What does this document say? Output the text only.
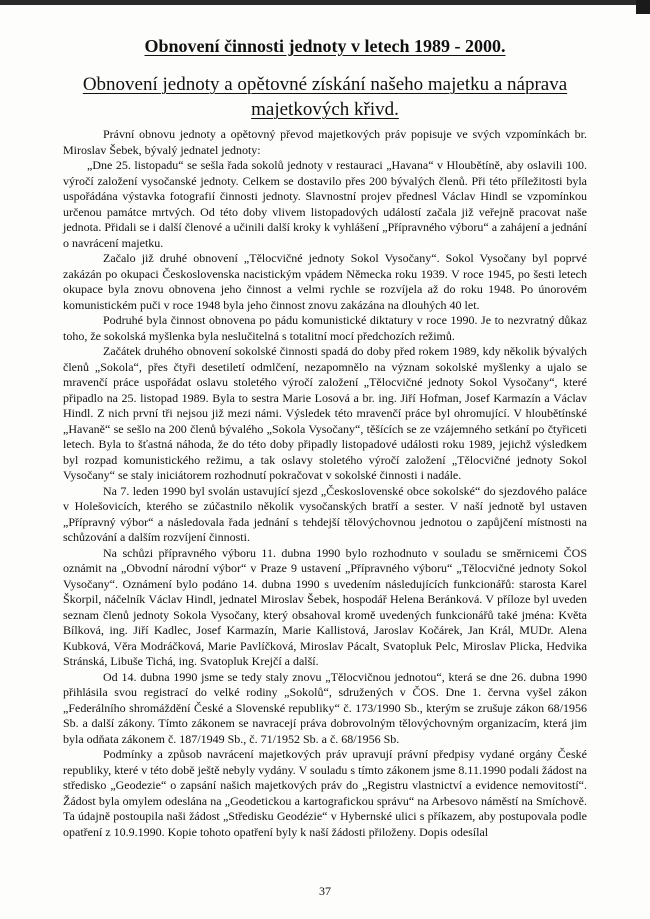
Obnovení činnosti jednoty v letech 1989 - 2000.
Obnovení jednoty a opětovné získání našeho majetku a náprava majetkových křivd.

Právní obnovu jednoty a opětovný převod majetkových práv popisuje ve svých vzpomínkách br. Miroslav Šebek, bývalý jednatel jednoty:

„Dne 25. listopadu“ se sešla řada sokolů jednoty v restauraci „Havana“ v Hloubětíně, aby oslavili 100. výročí založení vysočanské jednoty. Celkem se dostavilo přes 200 bývalých členů. Při této příležitosti byla uspořádána výstavka fotografií činnosti jednoty. Slavnostní projev přednesl Václav Hindl se vzpomínkou určenou památce mrtvých. Od této doby vlivem listopadových událostí začala již veřejně pracovat naše jednota. Přidali se i další členové a učinili další kroky k vyhlášení „Přípravného výboru“ a zahájení a jednání o navrácení majetku.

Začalo již druhé obnovení „Tělocvičné jednoty Sokol Vysočany“. Sokol Vysočany byl poprvé zakázán po okupaci Československa nacistickým vpádem Německa roku 1939. V roce 1945, po šesti letech okupace byla znovu obnovena jeho činnost a velmi rychle se rozvíjela až do roku 1948. Po únorovém komunistickém puči v roce 1948 byla jeho činnost znovu zakázána na dlouhých 40 let.

Podruhé byla činnost obnovena po pádu komunistické diktatury v roce 1990. Je to nezvratný důkaz toho, že sokolská myšlenka byla neslučitelná s totalitní mocí předchozích režimů.

Začátek druhého obnovení sokolské činnosti spadá do doby před rokem 1989, kdy několik bývalých členů „Sokola“, přes čtyři desetiletí odmlčení, nezapomnělo na význam sokolské myšlenky a ujalo se mravenčí práce uspořádat oslavu stoletého výročí založení „Tělocvičné jednoty Sokol Vysočany“, které připadlo na 25. listopad 1989. Byla to sestra Marie Losová a br. ing. Jiří Hofman, Josef Karmazín a Václav Hindl. Z nich první tři nejsou již mezi námi. Výsledek této mravenčí práce byl ohromující. V hloubětínské „Havaně“ se sešlo na 200 členů bývalého „Sokola Vysočany“, těšících se ze vzájemného setkání po čtyřiceti letech. Byla to šťastná náhoda, že do této doby připadly listopadové události roku 1989, jejichž výsledkem byl rozpad komunistického režimu, a tak oslavy stoletého výročí založení „Tělocvičné jednoty Sokol Vysočany“ se staly iniciátorem rozhodnutí pokračovat v sokolské činnosti i nadále.

Na 7. leden 1990 byl svolán ustavující sjezd „Československé obce sokolské“ do sjezdového paláce v Holešovicích, kterého se zúčastnilo několik vysočanských bratří a sester. V naší jednotě byl ustaven „Přípravný výbor“ a následovala řada jednání s tehdejší tělovýchovnou jednotou o zapůjčení místnosti na schůzování a dalším rozvíjení činnosti.

Na schůzi přípravného výboru 11. dubna 1990 bylo rozhodnuto v souladu se směrnicemi ČOS oznámit na „Obvodní národní výbor“ v Praze 9 ustavení „Přípravného výboru“ „Tělocvičné jednoty Sokol Vysočany“. Oznámení bylo podáno 14. dubna 1990 s uvedením následujících funkcionářů: starosta Karel Škorpil, náčelník Václav Hindl, jednatel Miroslav Šebek, hospodář Helena Beránková. V příloze byl uveden seznam členů jednoty Sokola Vysočany, který obsahoval kromě uvedených funkcionářů také jména: Květa Bílková, ing. Jiří Kadlec, Josef Karmazín, Marie Kallistová, Jaroslav Kočárek, Jan Král, MUDr. Alena Kubková, Věra Modráčková, Marie Pavlíčková, Miroslav Pácalt, Svatopluk Pelc, Miroslav Plicka, Hedvika Stránská, Libuše Tichá, ing. Svatopluk Krejčí a další.

Od 14. dubna 1990 jsme se tedy staly znovu „Tělocvičnou jednotou“, která se dne 26. dubna 1990 přihlásila svou registrací do velké rodiny „Sokolů“, sdružených v ČOS. Dne 1. června vyšel zákon „Federálního shromáždění České a Slovenské republiky“ č. 173/1990 Sb., kterým se zrušuje zákon 68/1956 Sb. a další zákony. Tímto zákonem se navracejí práva dobrovolným tělovýchovným organizacím, která jim byla odňata zákonem č. 187/1949 Sb., č. 71/1952 Sb. a č. 68/1956 Sb.

Podmínky a způsob navrácení majetkových práv upravují právní předpisy vydané orgány České republiky, které v této době ještě nebyly vydány. V souladu s tímto zákonem jsme 8.11.1990 podali žádost na středisko „Geodezie“ o zapsání našich majetkových práv do „Registru vlastnictví a evidence nemovitostí“. Žádost byla omylem odeslána na „Geodetickou a kartografickou správu“ na Arbesovo náměstí na Smíchově. Ta údajně postoupila naši žádost „Středisku Geodézie“ v Hybernské ulici s příkazem, aby postupovala podle opatření z 10.9.1990. Kopie tohoto opatření byly k naší žádosti přiloženy. Dopis odesílal

37
